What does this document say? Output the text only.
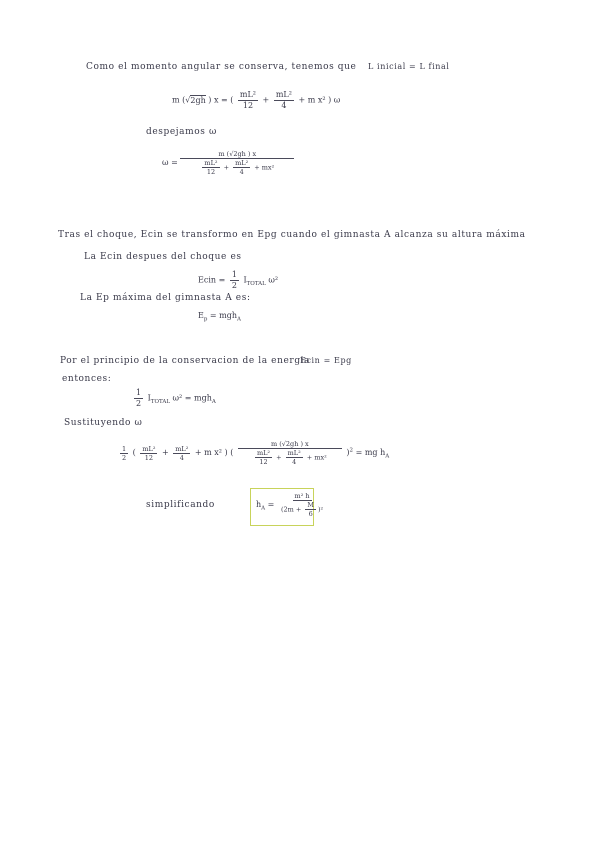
Como el momento angular se conserva, tenemos que L inicial = L final
m (√2gh ) x = ( $\frac{\text{mL²}}{12} + \frac{\text{mL²}}{4} + m$ x² ) ω
despejamos ω
$\omega = \frac{m (√2gh ) x}{\frac{\text{mL²}}{12} + \frac{\text{mL²}}{4} + mx^2}$
Tras el choque, Ecin se transformo en Epg cuando el gimnasta A alcanza su altura máxima
La Ecin despues del choque es
Ecin = $\frac{1}{2} I_{TOTAL}$ ω²
La Ep máxima del gimnasta A es:
$E_p = mgh_A$
Por el principio de la conservacion de la energia
Ecin = Epg
entonces:
$\frac{1}{2} I_{TOTAL}$ ω² = mgh$_A$
Sustituyendo ω
$\frac{1}{2}$ ( $\frac{\text{mL²}}{12} + \frac{\text{mL²}}{4} + m$ x² ) ( $\frac{m (√2gh ) x}{\frac{\text{mL²}}{12} + \frac{\text{mL²}}{4} + mx^2} )^2$ = mg $h_A$
simplificando	$h_A = \frac{\text{m² h}}{(2m + \frac{M}{6} )^2}$
